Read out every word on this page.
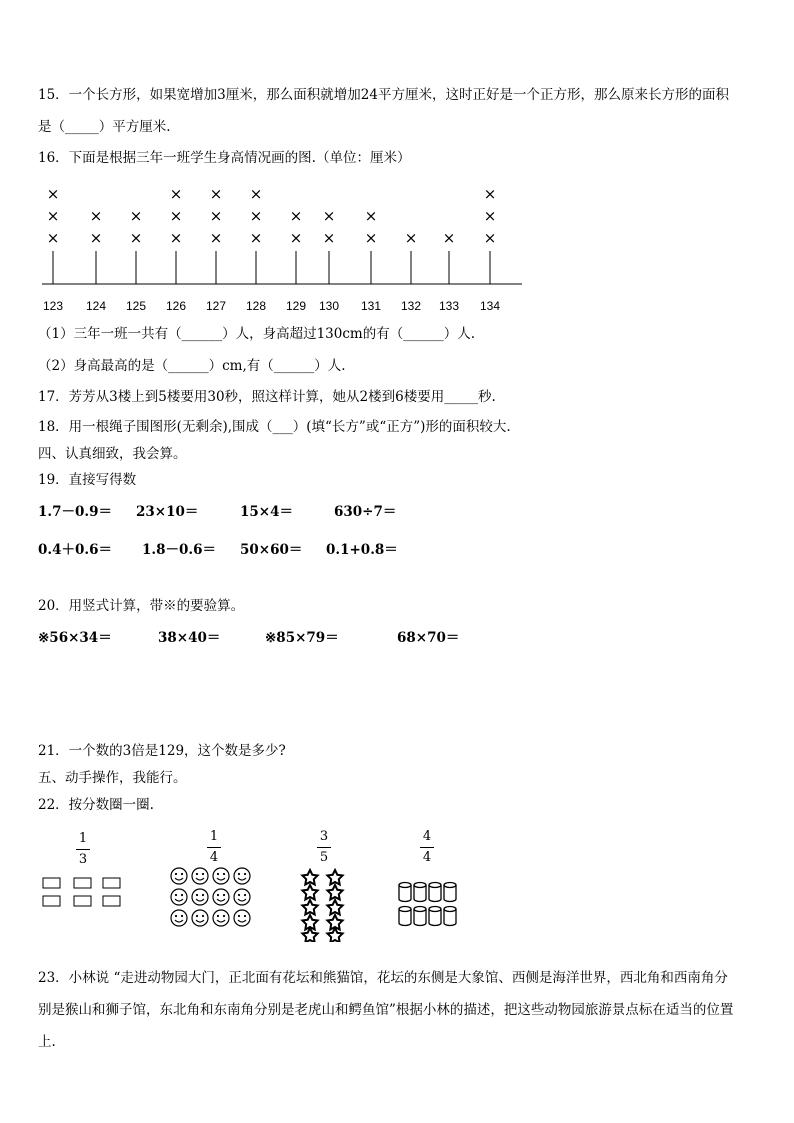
15．一个长方形，如果宽增加3厘米，那么面积就增加24平方厘米，这时正好是一个正方形，那么原来长方形的面积
是（_____）平方厘米.
16．下面是根据三年一班学生身高情况画的图.（单位：厘米）
123
×
×
×
124
×
×
125
×
×
126
×
×
×
127
×
×
×
128
×
×
×
129
×
×
130
×
×
131
×
×
132
×
133
×
134
×
×
×
（1）三年一班一共有（______）人，身高超过130cm的有（______）人.
（2）身高最高的是（______）cm,有（______）人.
17．芳芳从3楼上到5楼要用30秒，照这样计算，她从2楼到6楼要用_____秒.
18．用一根绳子围图形(无剩余),围成（___）(填“长方”或“正方”)形的面积较大.
四、认真细致，我会算。
19．直接写得数
1.7－0.9＝ 23×10＝	15×4＝	630÷7＝
0.4＋0.6＝ 1.8－0.6＝ 50×60＝ 0.1+0.8＝
20．用竖式计算，带※的要验算。
※56×34＝	38×40＝	※85×79＝	68×70＝
21．一个数的3倍是129，这个数是多少?
五、动手操作，我能行。
22．按分数圈一圈.
1
3
1
4
3
5
4
4
23．小林说 “走进动物园大门，正北面有花坛和熊猫馆，花坛的东侧是大象馆、西侧是海洋世界，西北角和西南角分
别是猴山和狮子馆，东北角和东南角分别是老虎山和鳄鱼馆”根据小林的描述，把这些动物园旅游景点标在适当的位置
上.
